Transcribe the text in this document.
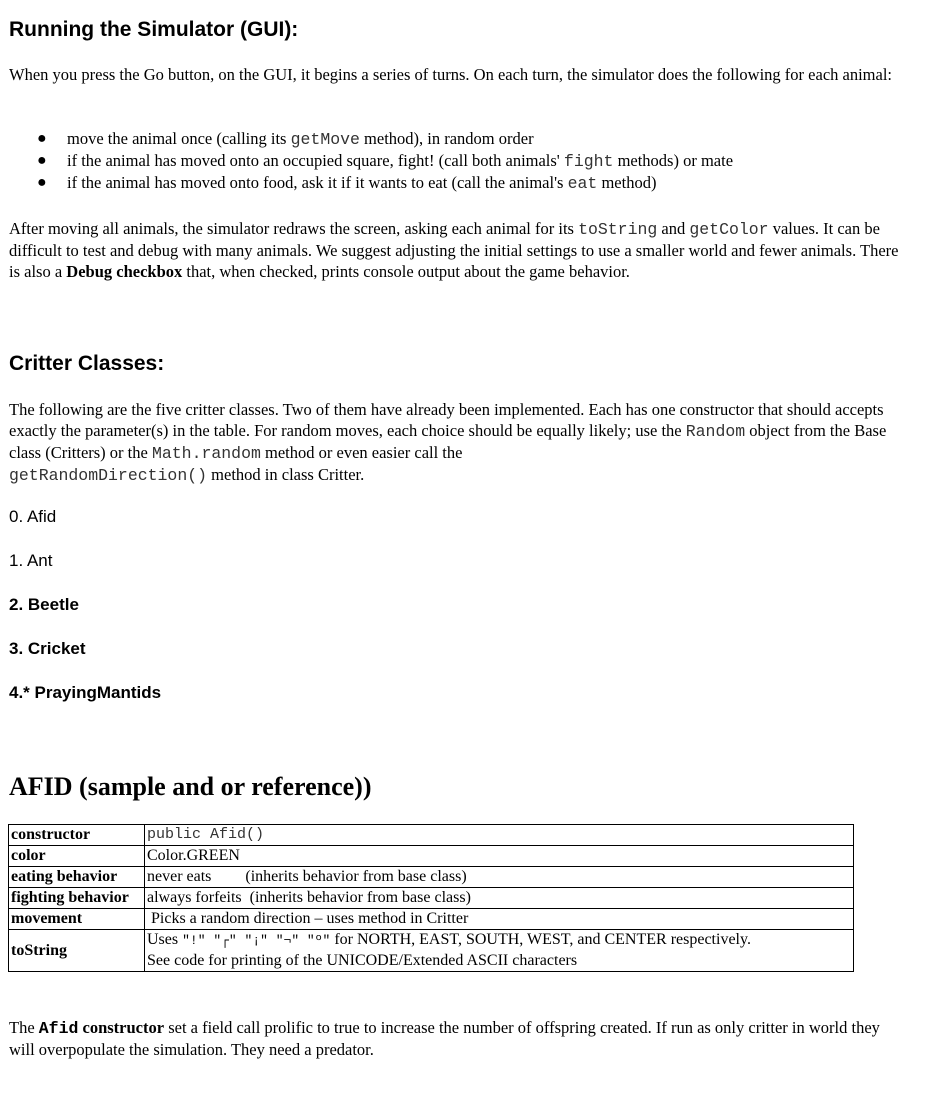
Running the Simulator (GUI):
When you press the Go button, on the GUI, it begins a series of turns. On each turn, the simulator does the following for each animal:
● move the animal once (calling its getMove method), in random order
● if the animal has moved onto an occupied square, fight! (call both animals' fight methods) or mate
● if the animal has moved onto food, ask it if it wants to eat (call the animal's eat method)
After moving all animals, the simulator redraws the screen, asking each animal for its toString and getColor values. It can be difficult to test and debug with many animals. We suggest adjusting the initial settings to use a smaller world and fewer animals. There is also a Debug checkbox that, when checked, prints console output about the game behavior.
Critter Classes:
The following are the five critter classes. Two of them have already been implemented. Each has one constructor that should accepts exactly the parameter(s) in the table. For random moves, each choice should be equally likely; use the Random object from the Base class (Critters) or the Math.random method or even easier call the
getRandomDirection() method in class Critter.
0. Afid
1. Ant
2. Beetle
3. Cricket
4.* PrayingMantids
AFID (sample and or reference))
constructor	public Afid()
color	Color.GREEN
eating behavior	never eats (inherits behavior from base class)
fighting behavior	always forfeits  (inherits behavior from base class)
movement	Picks a random direction – uses method in Critter
toString	Uses "!" "┌" "¡" "¬" "º" for NORTH, EAST, SOUTH, WEST, and CENTER respectively.
See code for printing of the UNICODE/Extended ASCII characters
The Afid constructor set a field call prolific to true to increase the number of offspring created. If run as only critter in world they will overpopulate the simulation. They need a predator.
